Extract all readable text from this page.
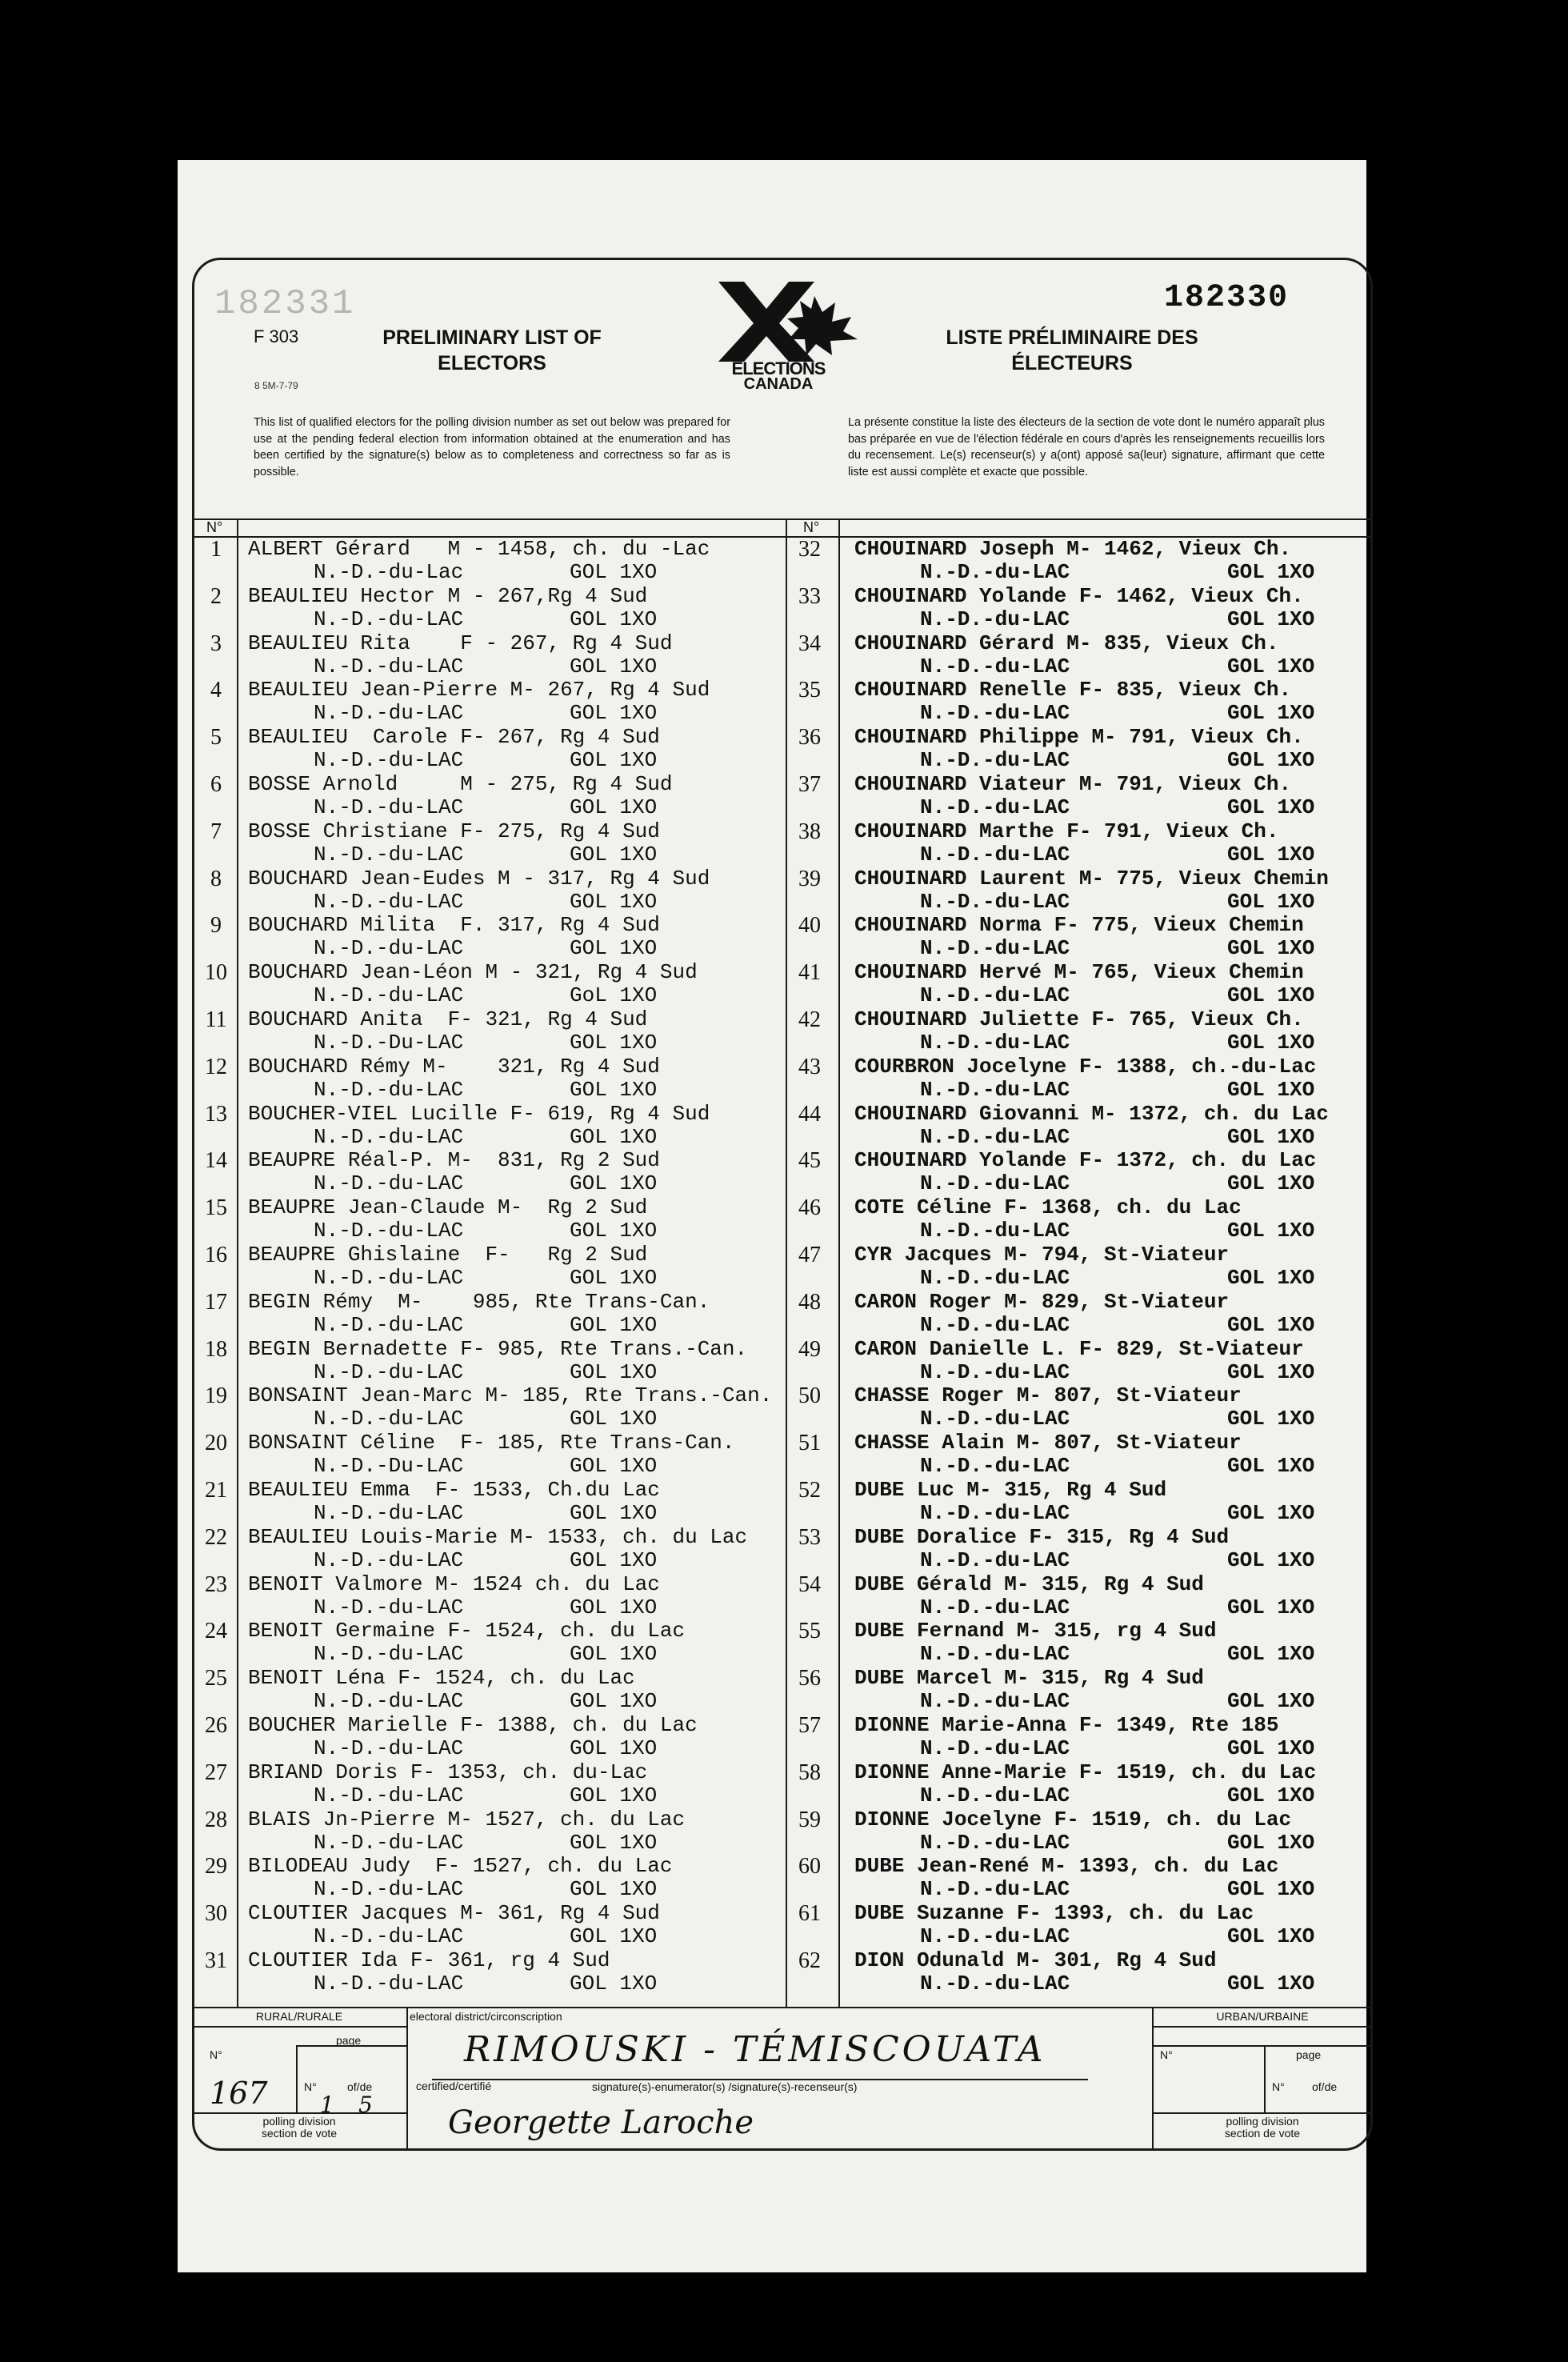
182331
F 303
8 5M-7-79
PRELIMINARY LIST OF
ELECTORS	ELECTIONS
CANADA
182330
LISTE PRÉLIMINAIRE DES
ÉLECTEURS
This list of qualified electors for the polling division number as set out below was prepared for use at the pending federal election from information obtained at the enumeration and has been certified by the signature(s) below as to completeness and correctness so far as is possible.
La présente constitue la liste des électeurs de la section de vote dont le numéro apparaît plus bas préparée en vue de l'élection fédérale en cours d'après les renseignements recueillis lors du recensement. Le(s) recenseur(s) y a(ont) apposé sa(leur) signature, affirmant que cette liste est aussi complète et exacte que possible.
N°	N°
1	ALBERT Gérard   M - 1458, ch. du -Lac
N.-D.-du-Lac	GOL 1XO
2	BEAULIEU Hector M - 267,Rg 4 Sud
N.-D.-du-LAC	GOL 1XO
3	BEAULIEU Rita    F - 267, Rg 4 Sud
N.-D.-du-LAC	GOL 1XO
4	BEAULIEU Jean-Pierre M- 267, Rg 4 Sud
N.-D.-du-LAC	GOL 1XO
5	BEAULIEU  Carole F- 267, Rg 4 Sud
N.-D.-du-LAC	GOL 1XO
6	BOSSE Arnold     M - 275, Rg 4 Sud
N.-D.-du-LAC	GOL 1XO
7	BOSSE Christiane F- 275, Rg 4 Sud
N.-D.-du-LAC	GOL 1XO
8	BOUCHARD Jean-Eudes M - 317, Rg 4 Sud
N.-D.-du-LAC	GOL 1XO
9	BOUCHARD Milita  F. 317, Rg 4 Sud
N.-D.-du-LAC	GOL 1XO
10	BOUCHARD Jean-Léon M - 321, Rg 4 Sud
N.-D.-du-LAC	GoL 1XO
11	BOUCHARD Anita  F- 321, Rg 4 Sud
N.-D.-Du-LAC	GOL 1XO
12	BOUCHARD Rémy M-    321, Rg 4 Sud
N.-D.-du-LAC	GOL 1XO
13	BOUCHER-VIEL Lucille F- 619, Rg 4 Sud
N.-D.-du-LAC	GOL 1XO
14	BEAUPRE Réal-P. M-  831, Rg 2 Sud
N.-D.-du-LAC	GOL 1XO
15	BEAUPRE Jean-Claude M-  Rg 2 Sud
N.-D.-du-LAC	GOL 1XO
16	BEAUPRE Ghislaine  F-   Rg 2 Sud
N.-D.-du-LAC	GOL 1XO
17	BEGIN Rémy  M-    985, Rte Trans-Can.
N.-D.-du-LAC	GOL 1XO
18	BEGIN Bernadette F- 985, Rte Trans.-Can.
N.-D.-du-LAC	GOL 1XO
19	BONSAINT Jean-Marc M- 185, Rte Trans.-Can.
N.-D.-du-LAC	GOL 1XO
20	BONSAINT Céline  F- 185, Rte Trans-Can.
N.-D.-Du-LAC	GOL 1XO
21	BEAULIEU Emma  F- 1533, Ch.du Lac
N.-D.-du-LAC	GOL 1XO
22	BEAULIEU Louis-Marie M- 1533, ch. du Lac
N.-D.-du-LAC	GOL 1XO
23	BENOIT Valmore M- 1524 ch. du Lac
N.-D.-du-LAC	GOL 1XO
24	BENOIT Germaine F- 1524, ch. du Lac
N.-D.-du-LAC	GOL 1XO
25	BENOIT Léna F- 1524, ch. du Lac
N.-D.-du-LAC	GOL 1XO
26	BOUCHER Marielle F- 1388, ch. du Lac
N.-D.-du-LAC	GOL 1XO
27	BRIAND Doris F- 1353, ch. du-Lac
N.-D.-du-LAC	GOL 1XO
28	BLAIS Jn-Pierre M- 1527, ch. du Lac
N.-D.-du-LAC	GOL 1XO
29	BILODEAU Judy  F- 1527, ch. du Lac
N.-D.-du-LAC	GOL 1XO
30	CLOUTIER Jacques M- 361, Rg 4 Sud
N.-D.-du-LAC	GOL 1XO
31	CLOUTIER Ida F- 361, rg 4 Sud
N.-D.-du-LAC	GOL 1XO
32	CHOUINARD Joseph M- 1462, Vieux Ch.
N.-D.-du-LAC	GOL 1XO
33	CHOUINARD Yolande F- 1462, Vieux Ch.
N.-D.-du-LAC	GOL 1XO
34	CHOUINARD Gérard M- 835, Vieux Ch.
N.-D.-du-LAC	GOL 1XO
35	CHOUINARD Renelle F- 835, Vieux Ch.
N.-D.-du-LAC	GOL 1XO
36	CHOUINARD Philippe M- 791, Vieux Ch.
N.-D.-du-LAC	GOL 1XO
37	CHOUINARD Viateur M- 791, Vieux Ch.
N.-D.-du-LAC	GOL 1XO
38	CHOUINARD Marthe F- 791, Vieux Ch.
N.-D.-du-LAC	GOL 1XO
39	CHOUINARD Laurent M- 775, Vieux Chemin
N.-D.-du-LAC	GOL 1XO
40	CHOUINARD Norma F- 775, Vieux Chemin
N.-D.-du-LAC	GOL 1XO
41	CHOUINARD Hervé M- 765, Vieux Chemin
N.-D.-du-LAC	GOL 1XO
42	CHOUINARD Juliette F- 765, Vieux Ch.
N.-D.-du-LAC	GOL 1XO
43	COURBRON Jocelyne F- 1388, ch.-du-Lac
N.-D.-du-LAC	GOL 1XO
44	CHOUINARD Giovanni M- 1372, ch. du Lac
N.-D.-du-LAC	GOL 1XO
45	CHOUINARD Yolande F- 1372, ch. du Lac
N.-D.-du-LAC	GOL 1XO
46	COTE Céline F- 1368, ch. du Lac
N.-D.-du-LAC	GOL 1XO
47	CYR Jacques M- 794, St-Viateur
N.-D.-du-LAC	GOL 1XO
48	CARON Roger M- 829, St-Viateur
N.-D.-du-LAC	GOL 1XO
49	CARON Danielle L. F- 829, St-Viateur
N.-D.-du-LAC	GOL 1XO
50	CHASSE Roger M- 807, St-Viateur
N.-D.-du-LAC	GOL 1XO
51	CHASSE Alain M- 807, St-Viateur
N.-D.-du-LAC	GOL 1XO
52	DUBE Luc M- 315, Rg 4 Sud
N.-D.-du-LAC	GOL 1XO
53	DUBE Doralice F- 315, Rg 4 Sud
N.-D.-du-LAC	GOL 1XO
54	DUBE Gérald M- 315, Rg 4 Sud
N.-D.-du-LAC	GOL 1XO
55	DUBE Fernand M- 315, rg 4 Sud
N.-D.-du-LAC	GOL 1XO
56	DUBE Marcel M- 315, Rg 4 Sud
N.-D.-du-LAC	GOL 1XO
57	DIONNE Marie-Anna F- 1349, Rte 185
N.-D.-du-LAC	GOL 1XO
58	DIONNE Anne-Marie F- 1519, ch. du Lac
N.-D.-du-LAC	GOL 1XO
59	DIONNE Jocelyne F- 1519, ch. du Lac
N.-D.-du-LAC	GOL 1XO
60	DUBE Jean-René M- 1393, ch. du Lac
N.-D.-du-LAC	GOL 1XO
61	DUBE Suzanne F- 1393, ch. du Lac
N.-D.-du-LAC	GOL 1XO
62	DION Odunald M- 301, Rg 4 Sud
N.-D.-du-LAC	GOL 1XO
RURAL/RURALE	URBAN/URBAINE
electoral district/circonscription
N°
page
N°	of/de
167 1 5
polling division
section de vote
RIMOUSKI - TÉMISCOUATA
certified/certifié	signature(s)-enumerator(s) /signature(s)-recenseur(s)
Georgette Laroche
N°	page
N° of/de
polling division
section de vote
